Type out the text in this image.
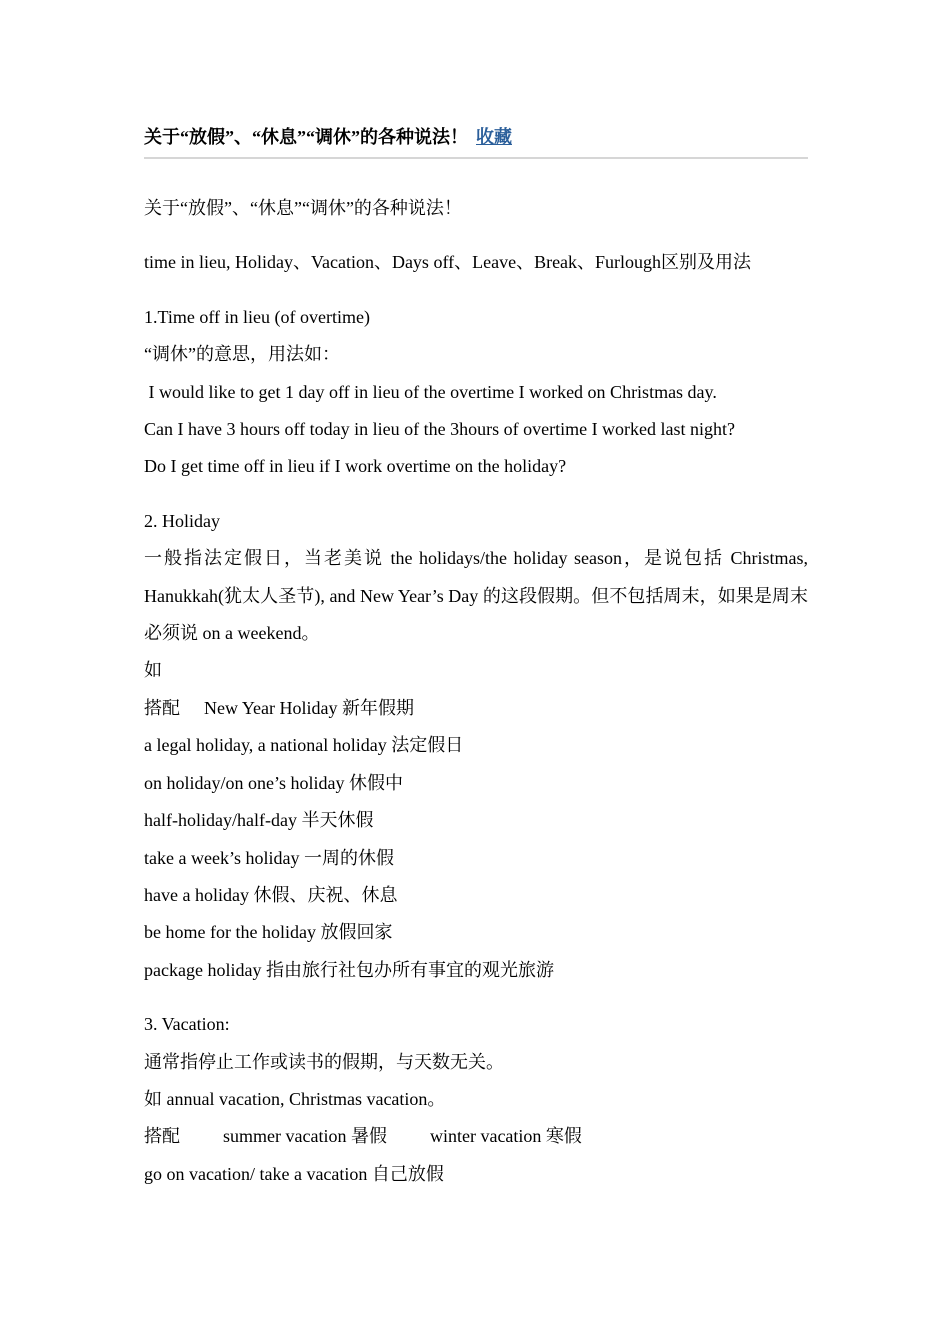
关于“放假”、“休息”“调休”的各种说法！ 收藏

关于“放假”、“休息”“调休”的各种说法！

time in lieu, Holiday、Vacation、Days off、Leave、Break、Furlough区别及用法

1.Time off in lieu (of overtime)

“调休”的意思，用法如：

I would like to get 1 day off in lieu of the overtime I worked on Christmas day.

Can I have 3 hours off today in lieu of the 3hours of overtime I worked last night?

Do I get time off in lieu if I work overtime on the holiday?

2. Holiday

一般指法定假日，当老美说 the holidays/the holiday season，是说包括 Christmas, Hanukkah(犹太人圣节), and New Year’s Day 的这段假期。但不包括周末，如果是周末必须说 on a weekend。

如

搭配 New Year Holiday 新年假期

a legal holiday, a national holiday 法定假日

on holiday/on one’s holiday 休假中

half-holiday/half-day 半天休假

take a week’s holiday 一周的休假

have a holiday 休假、庆祝、休息

be home for the holiday 放假回家

package holiday 指由旅行社包办所有事宜的观光旅游

3. Vacation:

通常指停止工作或读书的假期，与天数无关。

如 annual vacation, Christmas vacation。

搭配 summer vacation 暑假 winter vacation 寒假

go on vacation/ take a vacation 自己放假
